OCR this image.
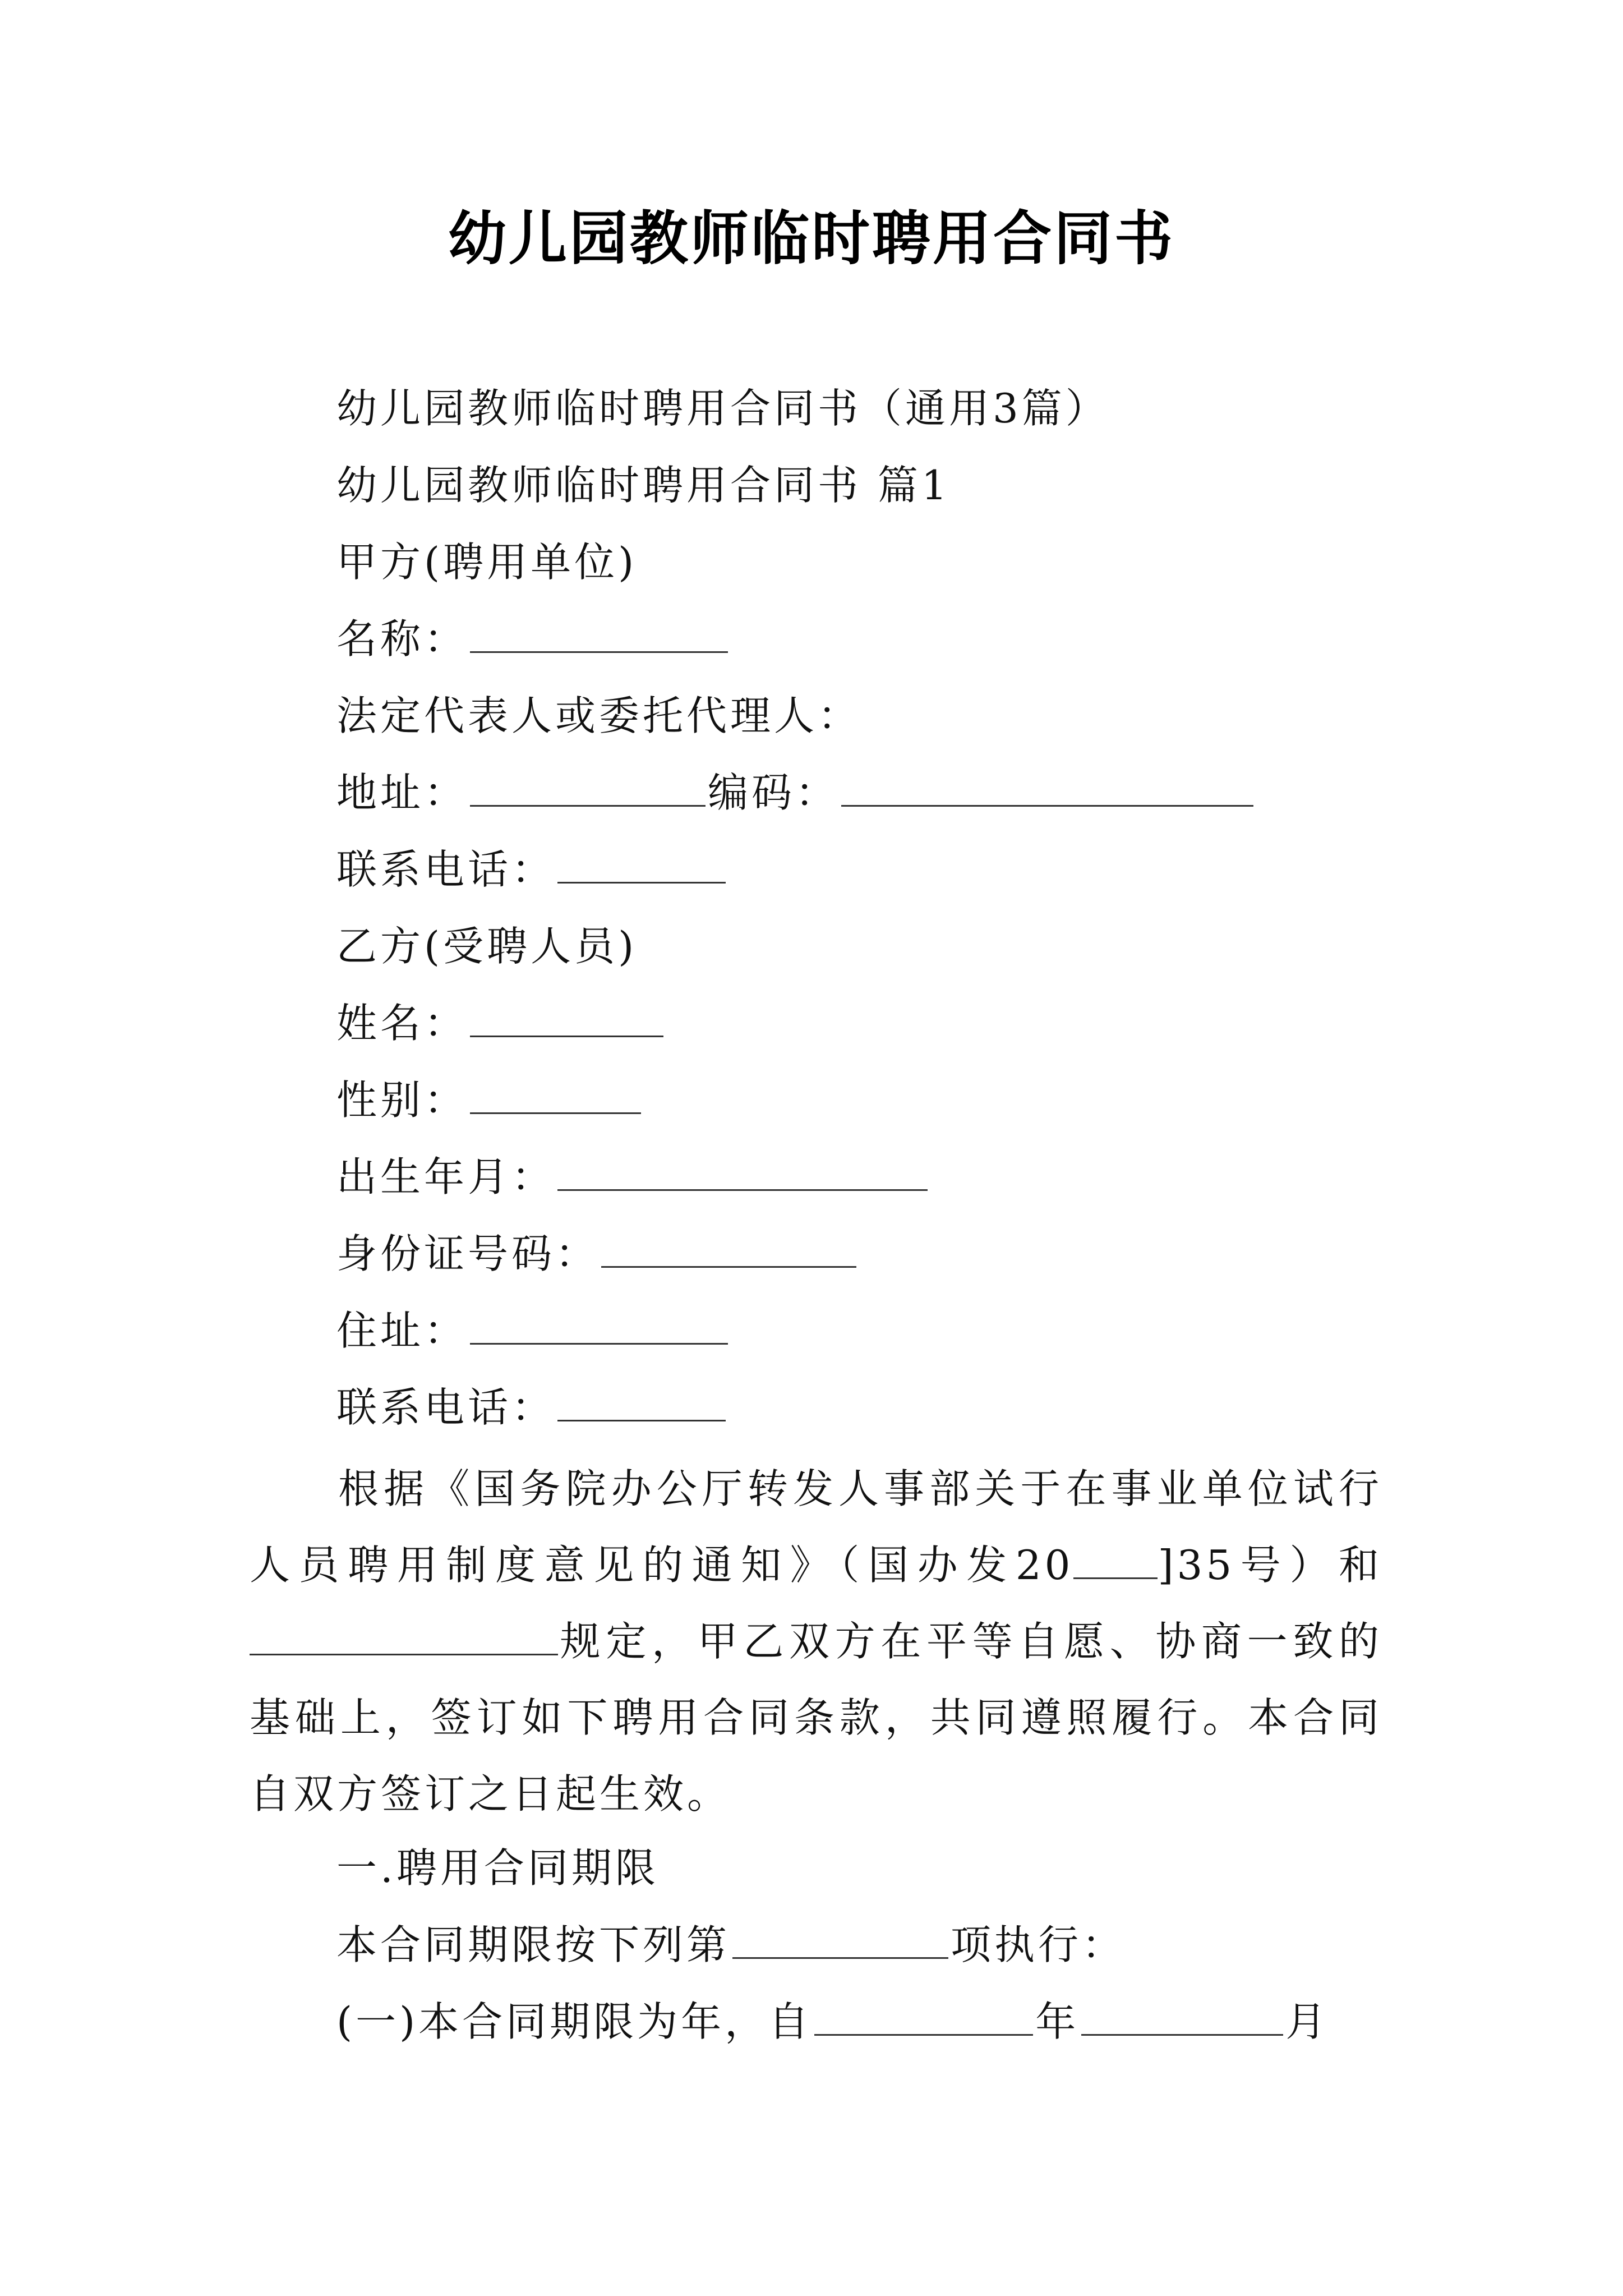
幼儿园教师临时聘用合同书
幼儿园教师临时聘用合同书（通用3篇）
幼儿园教师临时聘用合同书 篇1
甲方(聘用单位)
名称：
法定代表人或委托代理人：
地址：	编码：
联系电话：
乙方(受聘人员)
姓名：
性别：
出生年月：
身份证号码：
住址：
联系电话：
根据《国务院办公厅转发人事部关于在事业单位试行人员聘用制度意见的通知》（国办发20 ]35号）和规定，甲乙双方在平等自愿、协商一致的基础上，签订如下聘用合同条款，共同遵照履行。本合同自双方签订之日起生效。
一.聘用合同期限
本合同期限按下列第	项执行：
(一)本合同期限为年，自	年	月
